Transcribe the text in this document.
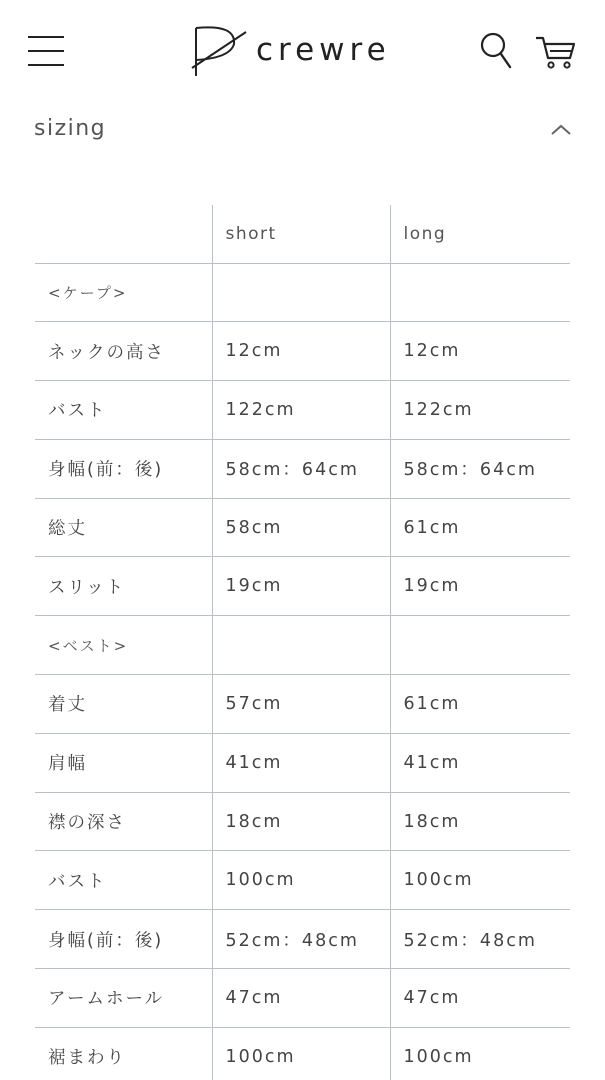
crewre
sizing
	short	long
<ケープ>		
ネックの高さ	12cm	12cm
バスト	122cm	122cm
身幅(前：後)	58cm：64cm	58cm：64cm
総丈	58cm	61cm
スリット	19cm	19cm
<ベスト>		
着丈	57cm	61cm
肩幅	41cm	41cm
襟の深さ	18cm	18cm
バスト	100cm	100cm
身幅(前：後)	52cm：48cm	52cm：48cm
アームホール	47cm	47cm
裾まわり	100cm	100cm
